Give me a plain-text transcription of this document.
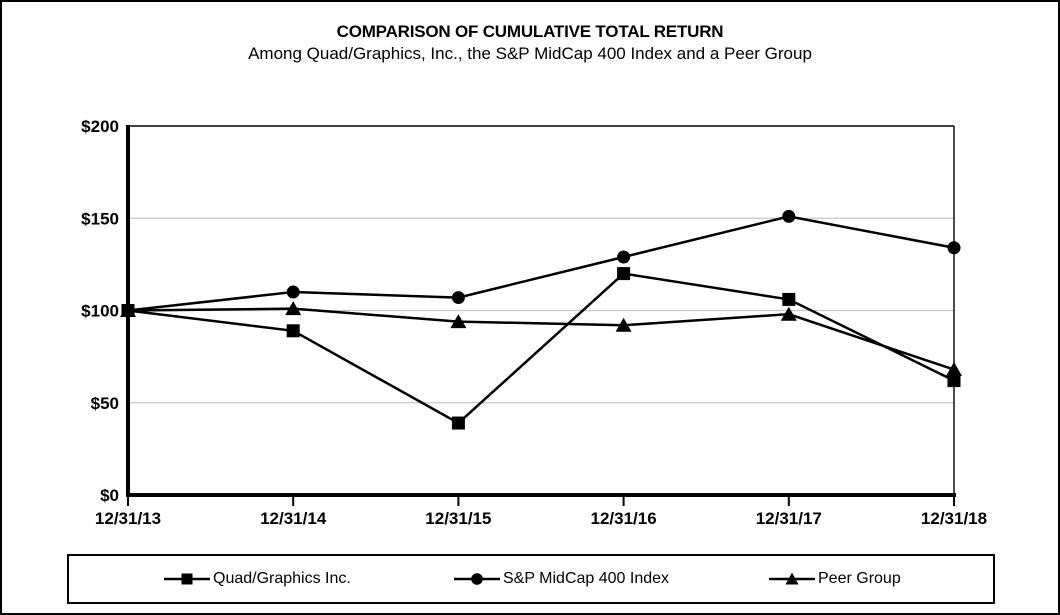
COMPARISON OF CUMULATIVE TOTAL RETURN
Among Quad/Graphics, Inc., the S&P MidCap 400 Index and a Peer Group
12/31/13	12/31/14	12/31/15	12/31/16	12/31/17	12/31/18
$0
$50
$100
$150
$200
Quad/Graphics Inc.	S&P MidCap 400 Index	Peer Group
